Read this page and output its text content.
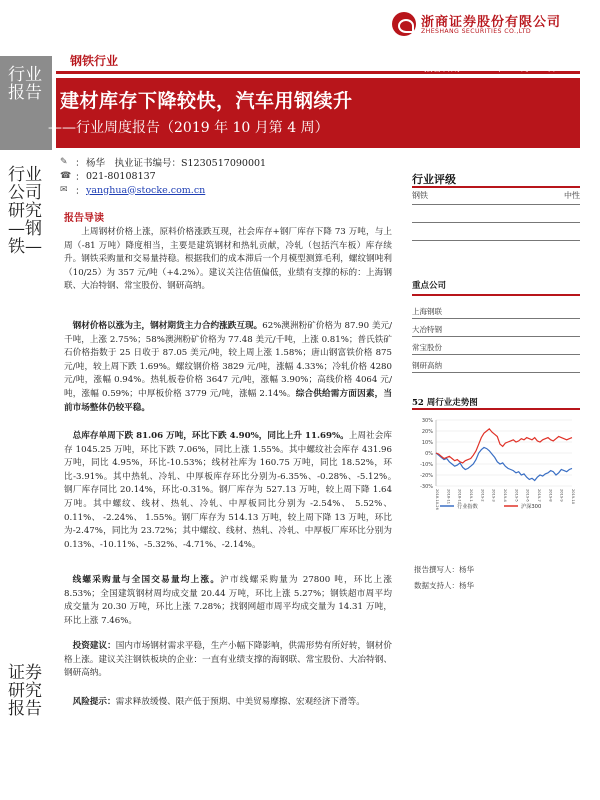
浙商证券股份有限公司
ZHESHANG SECURITIES CO.,LTD
钢铁行业
行业报告
行业公司研究—钢铁—
证券研究报告
报告日期：2019 年 10 月 27 日
建材库存下降较快，汽车用钢续升
——行业周度报告（2019 年 10 月第 4 周）
✎ ： 杨华　执业证书编号：S1230517090001
☎ ： 021-80108137
✉ ： yanghua@stocke.com.cn
报告导读
上周钢材价格上涨，原料价格涨跌互现，社会库存+钢厂库存下降 73 万吨，与上周（-81 万吨）降度相当，主要是建筑钢材和热轧贡献，冷轧（包括汽车板）库存续升。钢铁采购量和交易量持稳。根据我们的成本滞后一个月模型测算毛利，螺纹钢吨利（10/25）为 357 元/吨（+4.2%）。建议关注估值偏低，业绩有支撑的标的：上海钢联、大冶特钢、常宝股份、钢研高纳。
钢材价格以涨为主，钢材期货主力合约涨跌互现。62%澳洲粉矿价格为 87.90 美元/千吨，上涨 2.75%；58%澳洲粉矿价格为 77.48 美元/千吨，上涨 0.81%；普氏铁矿石价格指数于 25 日收于 87.05 美元/吨，较上周上涨 1.58%；唐山钢富铁价格 875 元/吨，较上周下跌 1.69%。螺纹钢价格 3829 元/吨，涨幅 4.33%；冷轧价格 4280 元/吨，涨幅 0.94%。热轧板卷价格 3647 元/吨，涨幅 3.90%；高线价格 4064 元/吨，涨幅 0.59%；中厚板价格 3779 元/吨，涨幅 2.14%。综合供给需方面因素，当前市场整体仍较平稳。
总库存单周下跌 81.06 万吨，环比下跌 4.90%，同比上升 11.69%。上周社会库存 1045.25 万吨，环比下跌 7.06%，同比上涨 1.55%。其中螺纹社会库存 431.96 万吨，同比 4.95%，环比-10.53%；线材社库为 160.75 万吨，同比 18.52%，环比-3.91%。其中热轧、冷轧、中厚板库存环比分别为-6.35%、-0.28%、-5.12%。　钢厂库存同比 20.14%，环比-0.31%。钢厂库存为 527.13 万吨，较上周下降 1.64 万吨。其中螺纹、线材、热轧、冷轧、中厚板同比分别为 -2.54%、 5.52%、 0.11%、 -2.24%、 1.55%。钢厂库存为 514.13 万吨，较上周下降 13 万吨，环比为-2.47%，同比为 23.72%；其中螺纹、线材、热轧、冷轧、中厚板厂库环比分别为 0.13%、-10.11%、-5.32%、-4.71%、-2.14%。
线螺采购量与全国交易量均上涨。沪市线螺采购量为 27800 吨，环比上涨 8.53%；全国建筑钢材周均成交量 20.44 万吨，环比上涨 5.27%；钢铁超市周平均成交量为 20.30 万吨，环比上涨 7.28%；找钢网超市周平均成交量为 14.31 万吨，环比上涨 7.46%。
投资建议：国内市场钢材需求平稳，生产小幅下降影响，供需形势有所好转，钢材价格上涨。建议关注钢铁板块的企业：一直有业绩支撑的海钢联、常宝股份、大冶特钢、钢研高纳。
风险提示：需求释放缓慢、限产低于预期、中美贸易摩擦、宏观经济下滑等。
行业评级
钢铁	中性
重点公司
上海钢联
大冶特钢
常宝股份
钢研高纳
52 周行业走势图
30%
20%
10%
0%
-10%
-20%
-30%
2018-10-26 2018-11 2018-12 2019-1 2019-2 2019-3 2019-4 2019-5 2019-6 2019-7 2019-8 2019-9 2019-10
行业指数	沪深300
报告撰写人：杨华
数据支持人：杨华
